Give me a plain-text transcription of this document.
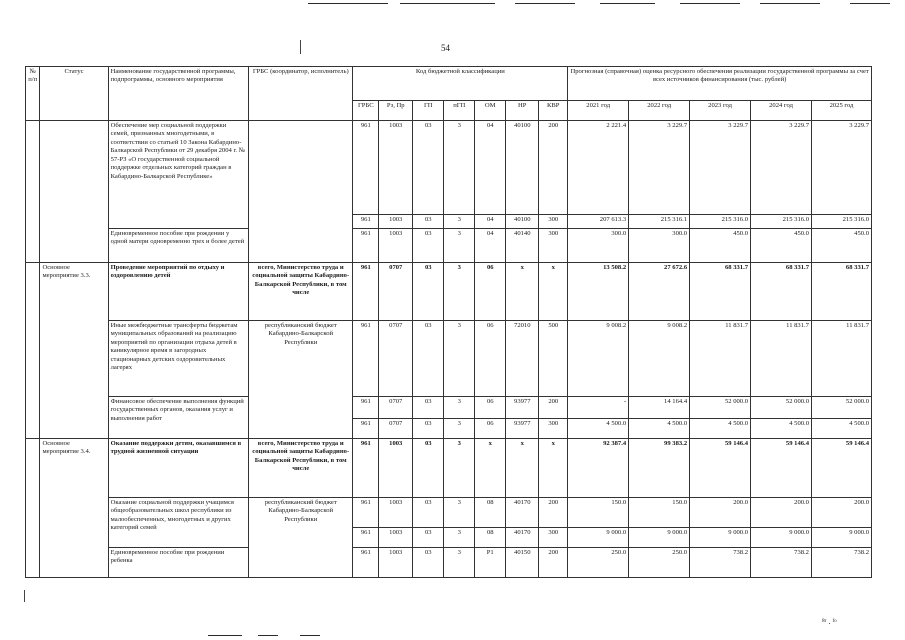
54
№ п/п	Статус	Наименование государственной программы, подпрограммы, основного мероприятия	ГРБС (координатор, исполнитель)	Код бюджетной классификации							Прогнозная (справочная) оценка ресурсного обеспечения реализации государственной программы за счет всех источников финансирования (тыс. рублей)				
				ГРБС	Рз, Пр	ГП	пГП	ОМ	НР	КВР	2021 год	2022 год	2023 год	2024 год	2025 год
		Обеспечение мер социальной поддержки семей, признанных многодетными, в соответствии со статьей 10 Закона Кабардино-Балкарской Республики от 29 декабря 2004 г. № 57-РЗ «О государственной социальной поддержке отдельных категорий граждан в Кабардино-Балкарской Республике»		961	1003	03	3	04	40100	200	2 221.4	3 229.7	3 229.7	3 229.7	3 229.7
				961	1003	03	3	04	40100	300	207 613.3	215 316.1	215 316.0	215 316.0	215 316.0
		Единовременное пособие при рождении у одной матери одновременно трех и более детей		961	1003	03	3	04	40140	300	300.0	300.0	450.0	450.0	450.0
	Основное мероприятие 3.3.	Проведение мероприятий по отдыху и оздоровлению детей	всего, Министерство труда и социальной защиты Кабардино-Балкарской Республики, в том числе	961	0707	03	3	06	х	х	13 508.2	27 672.6	68 331.7	68 331.7	68 331.7
		Иные межбюджетные трансферты бюджетам муниципальных образований на реализацию мероприятий по организации отдыха детей в каникулярное время в загородных стационарных детских оздоровительных лагерях	республиканский бюджет Кабардино-Балкарской Республики	961	0707	03	3	06	72010	500	9 008.2	9 008.2	11 831.7	11 831.7	11 831.7
		Финансовое обеспечение выполнения функций государственных органов, оказания услуг и выполнения работ		961	0707	03	3	06	93977	200	-	14 164.4	52 000.0	52 000.0	52 000.0
				961	0707	03	3	06	93977	300	4 500.0	4 500.0	4 500.0	4 500.0	4 500.0
	Основное мероприятие 3.4.	Оказание поддержки детям, оказавшимся в трудной жизненной ситуации	всего, Министерство труда и социальной защиты Кабардино-Балкарской Республики, в том числе	961	1003	03	3	х	х	х	92 387.4	99 383.2	59 146.4	59 146.4	59 146.4
		Оказание социальной поддержки учащимся общеобразовательных школ республики из малообеспеченных, многодетных и других категорий семей	республиканский бюджет Кабардино-Балкарской Республики	961	1003	03	3	08	40170	200	150.0	150.0	200.0	200.0	200.0
				961	1003	03	3	08	40170	300	9 000.0	9 000.0	9 000.0	9 000.0	9 000.0
		Единовременное пособие при рождении ребенка		961	1003	03	3	P1	40150	200	250.0	250.0	738.2	738.2	738.2
⁸ʳ . ᶠᵒ
